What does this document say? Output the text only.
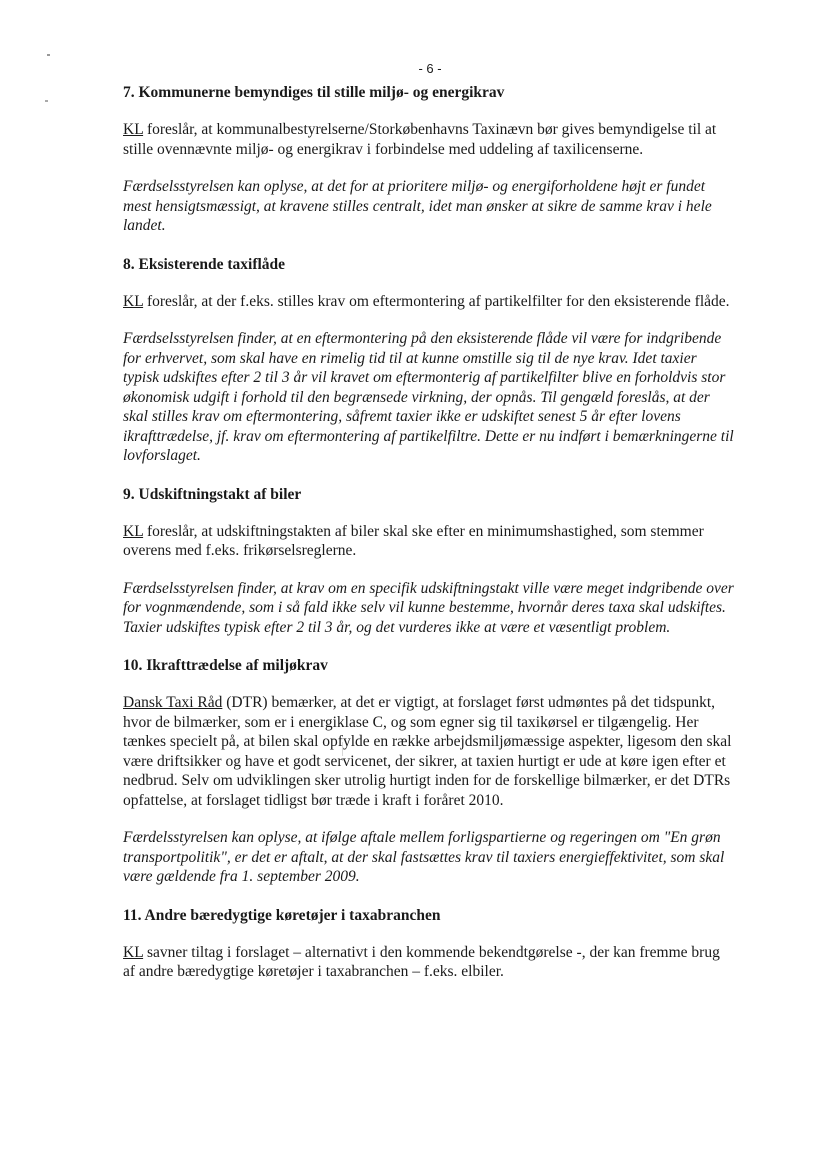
- 6 -
7. Kommunerne bemyndiges til stille miljø- og energikrav

KL foreslår, at kommunalbestyrelserne/Storkøbenhavns Taxinævn bør gives bemyndigelse til at stille ovennævnte miljø- og energikrav i forbindelse med uddeling af taxilicenserne.

Færdselsstyrelsen kan oplyse, at det for at prioritere miljø- og energiforholdene højt er fundet mest hensigtsmæssigt, at kravene stilles centralt, idet man ønsker at sikre de samme krav i hele landet.

8. Eksisterende taxiflåde

KL foreslår, at der f.eks. stilles krav om eftermontering af partikelfilter for den eksisterende flåde.

Færdselsstyrelsen finder, at en eftermontering på den eksisterende flåde vil være for indgribende for erhvervet, som skal have en rimelig tid til at kunne omstille sig til de nye krav. Idet taxier typisk udskiftes efter 2 til 3 år vil kravet om eftermonterig af partikelfilter blive en forholdvis stor økonomisk udgift i forhold til den begrænsede virkning, der opnås. Til gengæld foreslås, at der skal stilles krav om eftermontering, såfremt taxier ikke er udskiftet senest 5 år efter lovens ikrafttrædelse, jf. krav om eftermontering af partikelfiltre. Dette er nu indført i bemærkningerne til lovforslaget.

9. Udskiftningstakt af biler

KL foreslår, at udskiftningstakten af biler skal ske efter en minimumshastighed, som stemmer overens med f.eks. frikørselsreglerne.

Færdselsstyrelsen finder, at krav om en specifik udskiftningstakt ville være meget indgribende over for vognmændende, som i så fald ikke selv vil kunne bestemme, hvornår deres taxa skal udskiftes. Taxier udskiftes typisk efter 2 til 3 år, og det vurderes ikke at være et væsentligt problem.

10. Ikrafttrædelse af miljøkrav

Dansk Taxi Råd (DTR) bemærker, at det er vigtigt, at forslaget først udmøntes på det tidspunkt, hvor de bilmærker, som er i energiklase C, og som egner sig til taxikørsel er tilgængelig. Her tænkes specielt på, at bilen skal opfylde en række arbejdsmiljømæssige aspekter, ligesom den skal være driftsikker og have et godt servicenet, der sikrer, at taxien hurtigt er ude at køre igen efter et nedbrud. Selv om udviklingen sker utrolig hurtigt inden for de forskellige bilmærker, er det DTRs opfattelse, at forslaget tidligst bør træde i kraft i foråret 2010.

Færdelsstyrelsen kan oplyse, at ifølge aftale mellem forligspartierne og regeringen om "En grøn transportpolitik", er det er aftalt, at der skal fastsættes krav til taxiers energieffektivitet, som skal være gældende fra 1. september 2009.

11. Andre bæredygtige køretøjer i taxabranchen

KL savner tiltag i forslaget – alternativt i den kommende bekendtgørelse -, der kan fremme brug af andre bæredygtige køretøjer i taxabranchen – f.eks. elbiler.
